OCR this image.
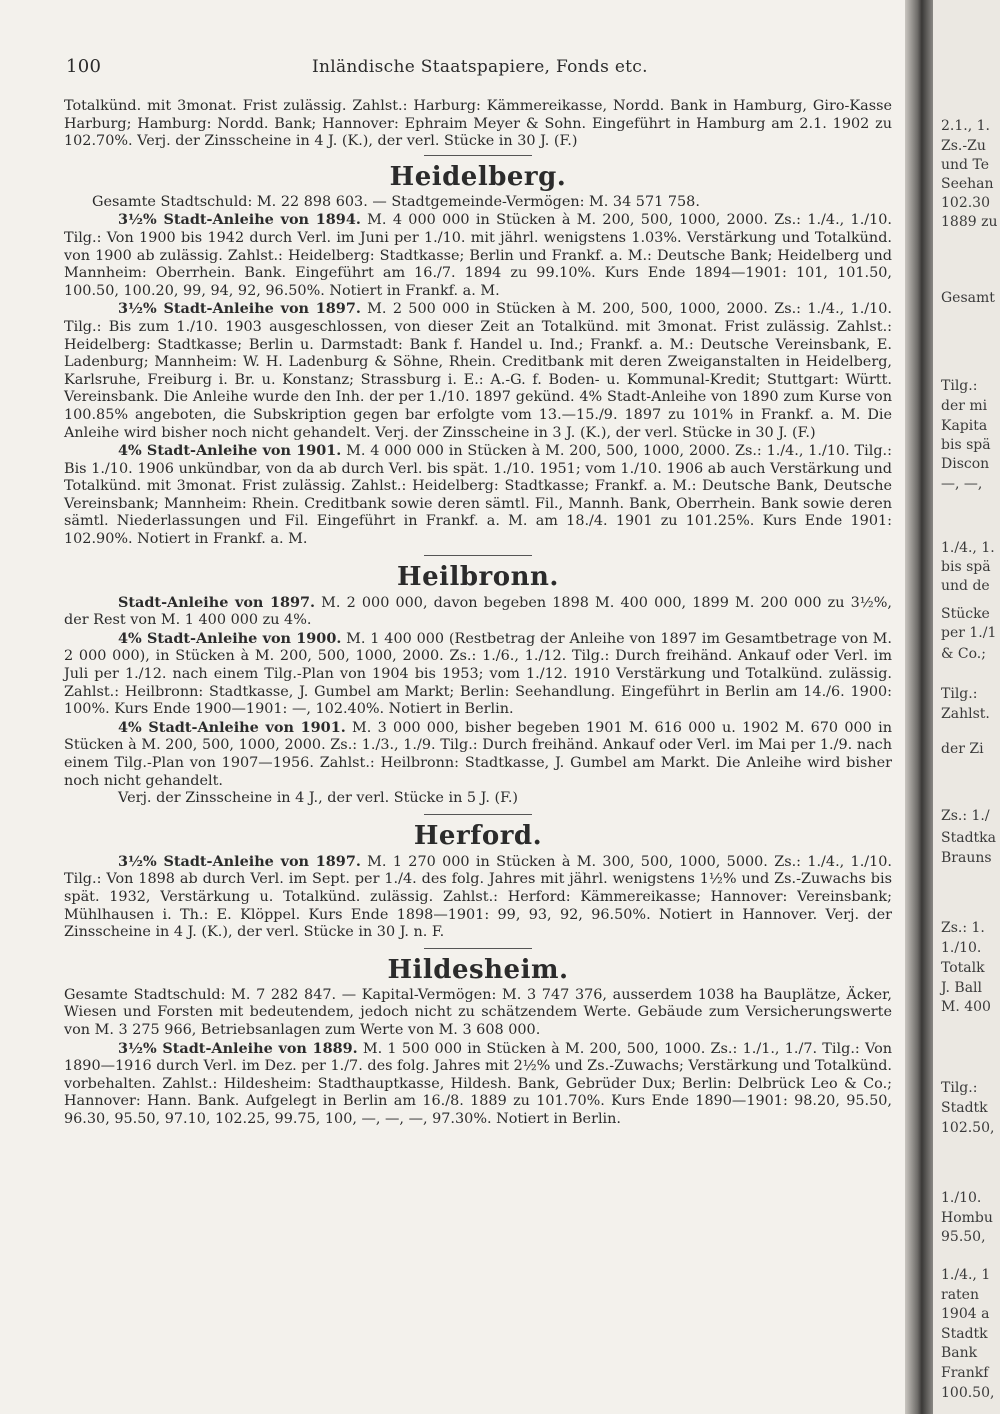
100	Inländische Staatspapiere, Fonds etc.

Totalkünd. mit 3monat. Frist zulässig. Zahlst.: Harburg: Kämmereikasse, Nordd. Bank in Hamburg, Giro-Kasse Harburg; Hamburg: Nordd. Bank; Hannover: Ephraim Meyer & Sohn. Eingeführt in Hamburg am 2.1. 1902 zu 102.70%. Verj. der Zinsscheine in 4 J. (K.), der verl. Stücke in 30 J. (F.)

Heidelberg.

Gesamte Stadtschuld: M. 22 898 603. — Stadtgemeinde-Vermögen: M. 34 571 758.

3½% Stadt-Anleihe von 1894. M. 4 000 000 in Stücken à M. 200, 500, 1000, 2000. Zs.: 1./4., 1./10. Tilg.: Von 1900 bis 1942 durch Verl. im Juni per 1./10. mit jährl. wenigstens 1.03%. Verstärkung und Totalkünd. von 1900 ab zulässig. Zahlst.: Heidelberg: Stadtkasse; Berlin und Frankf. a. M.: Deutsche Bank; Heidelberg und Mannheim: Oberrhein. Bank. Eingeführt am 16./7. 1894 zu 99.10%. Kurs Ende 1894—1901: 101, 101.50, 100.50, 100.20, 99, 94, 92, 96.50%. Notiert in Frankf. a. M.

3½% Stadt-Anleihe von 1897. M. 2 500 000 in Stücken à M. 200, 500, 1000, 2000. Zs.: 1./4., 1./10. Tilg.: Bis zum 1./10. 1903 ausgeschlossen, von dieser Zeit an Totalkünd. mit 3monat. Frist zulässig. Zahlst.: Heidelberg: Stadtkasse; Berlin u. Darmstadt: Bank f. Handel u. Ind.; Frankf. a. M.: Deutsche Vereinsbank, E. Ladenburg; Mannheim: W. H. Ladenburg & Söhne, Rhein. Creditbank mit deren Zweiganstalten in Heidelberg, Karlsruhe, Freiburg i. Br. u. Konstanz; Strassburg i. E.: A.-G. f. Boden- u. Kommunal-Kredit; Stuttgart: Württ. Vereinsbank. Die Anleihe wurde den Inh. der per 1./10. 1897 gekünd. 4% Stadt-Anleihe von 1890 zum Kurse von 100.85% angeboten, die Subskription gegen bar erfolgte vom 13.—15./9. 1897 zu 101% in Frankf. a. M. Die Anleihe wird bisher noch nicht gehandelt. Verj. der Zinsscheine in 3 J. (K.), der verl. Stücke in 30 J. (F.)

4% Stadt-Anleihe von 1901. M. 4 000 000 in Stücken à M. 200, 500, 1000, 2000. Zs.: 1./4., 1./10. Tilg.: Bis 1./10. 1906 unkündbar, von da ab durch Verl. bis spät. 1./10. 1951; vom 1./10. 1906 ab auch Verstärkung und Totalkünd. mit 3monat. Frist zulässig. Zahlst.: Heidelberg: Stadtkasse; Frankf. a. M.: Deutsche Bank, Deutsche Vereinsbank; Mannheim: Rhein. Creditbank sowie deren sämtl. Fil., Mannh. Bank, Oberrhein. Bank sowie deren sämtl. Niederlassungen und Fil. Eingeführt in Frankf. a. M. am 18./4. 1901 zu 101.25%. Kurs Ende 1901: 102.90%. Notiert in Frankf. a. M.

Heilbronn.

Stadt-Anleihe von 1897. M. 2 000 000, davon begeben 1898 M. 400 000, 1899 M. 200 000 zu 3½%, der Rest von M. 1 400 000 zu 4%.

4% Stadt-Anleihe von 1900. M. 1 400 000 (Restbetrag der Anleihe von 1897 im Gesamtbetrage von M. 2 000 000), in Stücken à M. 200, 500, 1000, 2000. Zs.: 1./6., 1./12. Tilg.: Durch freihänd. Ankauf oder Verl. im Juli per 1./12. nach einem Tilg.-Plan von 1904 bis 1953; vom 1./12. 1910 Verstärkung und Totalkünd. zulässig. Zahlst.: Heilbronn: Stadtkasse, J. Gumbel am Markt; Berlin: Seehandlung. Eingeführt in Berlin am 14./6. 1900: 100%. Kurs Ende 1900—1901: —, 102.40%. Notiert in Berlin.

4% Stadt-Anleihe von 1901. M. 3 000 000, bisher begeben 1901 M. 616 000 u. 1902 M. 670 000 in Stücken à M. 200, 500, 1000, 2000. Zs.: 1./3., 1./9. Tilg.: Durch freihänd. Ankauf oder Verl. im Mai per 1./9. nach einem Tilg.-Plan von 1907—1956. Zahlst.: Heilbronn: Stadtkasse, J. Gumbel am Markt. Die Anleihe wird bisher noch nicht gehandelt.

Verj. der Zinsscheine in 4 J., der verl. Stücke in 5 J. (F.)

Herford.

3½% Stadt-Anleihe von 1897. M. 1 270 000 in Stücken à M. 300, 500, 1000, 5000. Zs.: 1./4., 1./10. Tilg.: Von 1898 ab durch Verl. im Sept. per 1./4. des folg. Jahres mit jährl. wenigstens 1½% und Zs.-Zuwachs bis spät. 1932, Verstärkung u. Totalkünd. zulässig. Zahlst.: Herford: Kämmereikasse; Hannover: Vereinsbank; Mühlhausen i. Th.: E. Klöppel. Kurs Ende 1898—1901: 99, 93, 92, 96.50%. Notiert in Hannover. Verj. der Zinsscheine in 4 J. (K.), der verl. Stücke in 30 J. n. F.

Hildesheim.

Gesamte Stadtschuld: M. 7 282 847. — Kapital-Vermögen: M. 3 747 376, ausserdem 1038 ha Bauplätze, Äcker, Wiesen und Forsten mit bedeutendem, jedoch nicht zu schätzendem Werte. Gebäude zum Versicherungswerte von M. 3 275 966, Betriebsanlagen zum Werte von M. 3 608 000.

3½% Stadt-Anleihe von 1889. M. 1 500 000 in Stücken à M. 200, 500, 1000. Zs.: 1./1., 1./7. Tilg.: Von 1890—1916 durch Verl. im Dez. per 1./7. des folg. Jahres mit 2½% und Zs.-Zuwachs; Verstärkung und Totalkünd. vorbehalten. Zahlst.: Hildesheim: Stadthauptkasse, Hildesh. Bank, Gebrüder Dux; Berlin: Delbrück Leo & Co.; Hannover: Hann. Bank. Aufgelegt in Berlin am 16./8. 1889 zu 101.70%. Kurs Ende 1890—1901: 98.20, 95.50, 96.30, 95.50, 97.10, 102.25, 99.75, 100, —, —, —, 97.30%. Notiert in Berlin.

2.1., 1.
Zs.-Zu
und Te
Seehan
102.30
1889 zu
Gesamt
Tilg.:
der mi
Kapita
bis spä
Discon
—, —,
1./4., 1.
bis spä
und de
Stücke
per 1./1
& Co.;
Tilg.:
Zahlst.
der Zi
Zs.: 1./
Stadtka
Brauns
Zs.: 1.
1./10.
Totalk
J. Ball
M. 400
Tilg.:
Stadtk
102.50,
1./10.
Hombu
95.50,
1./4., 1
raten
1904 a
Stadtk
Bank
Frankf
100.50,
